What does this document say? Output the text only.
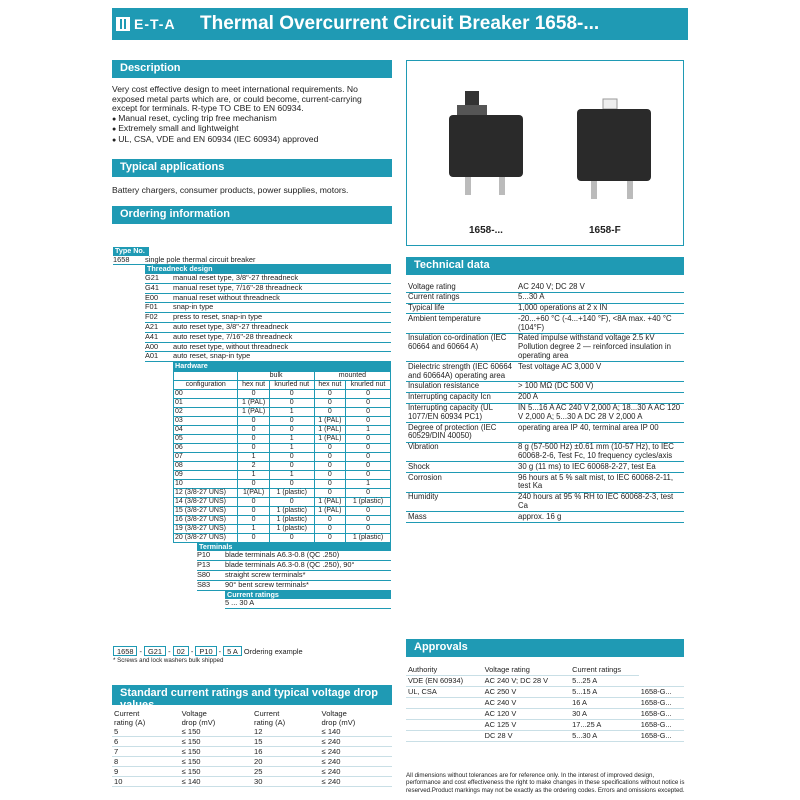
E-T-A Thermal Overcurrent Circuit Breaker 1658-...
Description
Very cost effective design to meet international requirements. No
exposed metal parts which are, or could become, current-carrying
except for terminals. R-type TO CBE to EN 60934.
● Manual reset, cycling trip free mechanism
● Extremely small and lightweight
● UL, CSA, VDE and EN 60934 (IEC 60934) approved
Typical applications
Battery chargers, consumer products, power supplies, motors.
Ordering information
Type No.
1658 single pole thermal circuit breaker
Threadneck design
G21 manual reset type, 3/8"-27 threadneck
G41 manual reset type, 7/16"-28 threadneck
E00 manual reset without threadneck
F01 snap-in type
F02 press to reset, snap-in type
A21 auto reset type, 3/8"-27 threadneck
A41 auto reset type, 7/16"-28 threadneck
A00 auto reset type, without threadneck
A01 auto reset, snap-in type
Hardware
	bulk		mounted	
configuration	hex nut	knurled nut	hex nut	knurled nut
00	0	0	0	0
01	1 (PAL)	0	0	0
02	1 (PAL)	1	0	0
03	0	0	1 (PAL)	0
04	0	0	1 (PAL)	1
05	0	1	1 (PAL)	0
06	0	1	0	0
07	1	0	0	0
08	2	0	0	0
09	1	1	0	0
10	0	0	0	1
12 (3/8-27 UNS)	1(PAL)	1 (plastic)	0	0
14 (3/8-27 UNS)	0	0	1 (PAL)	1 (plastic)
15 (3/8-27 UNS)	0	1 (plastic)	1 (PAL)	0
16 (3/8-27 UNS)	0	1 (plastic)	0	0
19 (3/8-27 UNS)	1	1 (plastic)	0	0
20 (3/8-27 UNS)	0	0	0	1 (plastic)
Terminals
P10 blade terminals A6.3-0.8 (QC .250)
P13 blade terminals A6.3-0.8 (QC .250), 90°
S80 straight screw terminals*
S83 90° bent screw terminals*
Current ratings
5 ... 30 A
1658 - G21 - 02 - P10 - 5 A Ordering example
* Screws and lock washers bulk shipped
Standard current ratings and typical voltage drop values
Current
rating (A)	Voltage
drop (mV)	Current
rating (A)	Voltage
drop (mV)
5	≤ 150	12	≤ 140
6	≤ 150	15	≤ 240
7	≤ 150	16	≤ 240
8	≤ 150	20	≤ 240
9	≤ 150	25	≤ 240
10	≤ 140	30	≤ 240
1658-...	1658-F
Technical data
Voltage rating	AC 240 V; DC 28 V
Current ratings	5...30 A
Typical life	1,000 operations at 2 x IN
Ambient temperature	-20...+60 °C (-4...+140 °F), <8A max. +40 °C (104°F)
Insulation co-ordination (IEC 60664 and 60664 A)	Rated impulse withstand voltage 2.5 kV Pollution degree 2 — reinforced insulation in operating area
Dielectric strength (IEC 60664 and 60664A) operating area	Test voltage AC 3,000 V
Insulation resistance	> 100 MΩ (DC 500 V)
Interrupting capacity Icn	200 A
Interrupting capacity (UL 1077/EN 60934 PC1)	IN 5...16 A AC 240 V 2,000 A; 18...30 A AC 120 V 2,000 A; 5...30 A DC 28 V 2,000 A
Degree of protection (IEC 60529/DIN 40050)	operating area IP 40, terminal area IP 00
Vibration	8 g (57-500 Hz) ±0.61 mm (10-57 Hz), to IEC 60068-2-6, Test Fc, 10 frequency cycles/axis
Shock	30 g (11 ms) to IEC 60068-2-27, test Ea
Corrosion	96 hours at 5 % salt mist, to IEC 60068-2-11, test Ka
Humidity	240 hours at 95 % RH to IEC 60068-2-3, test Ca
Mass	approx. 16 g
Approvals
Authority	Voltage rating	Current ratings	
VDE (EN 60934)	AC 240 V; DC 28 V	5...25 A	
UL, CSA	AC 250 V	5...15 A	1658-G...
	AC 240 V	16 A	1658-G...
	AC 120 V	30 A	1658-G...
	AC 125 V	17...25 A	1658-G...
	DC 28 V	5...30 A	1658-G...
All dimensions without tolerances are for reference only. In the interest of improved design, performance and cost effectiveness the right to make changes in these specifications without notice is reserved.Product markings may not be exactly as the ordering codes. Errors and omissions excepted.
